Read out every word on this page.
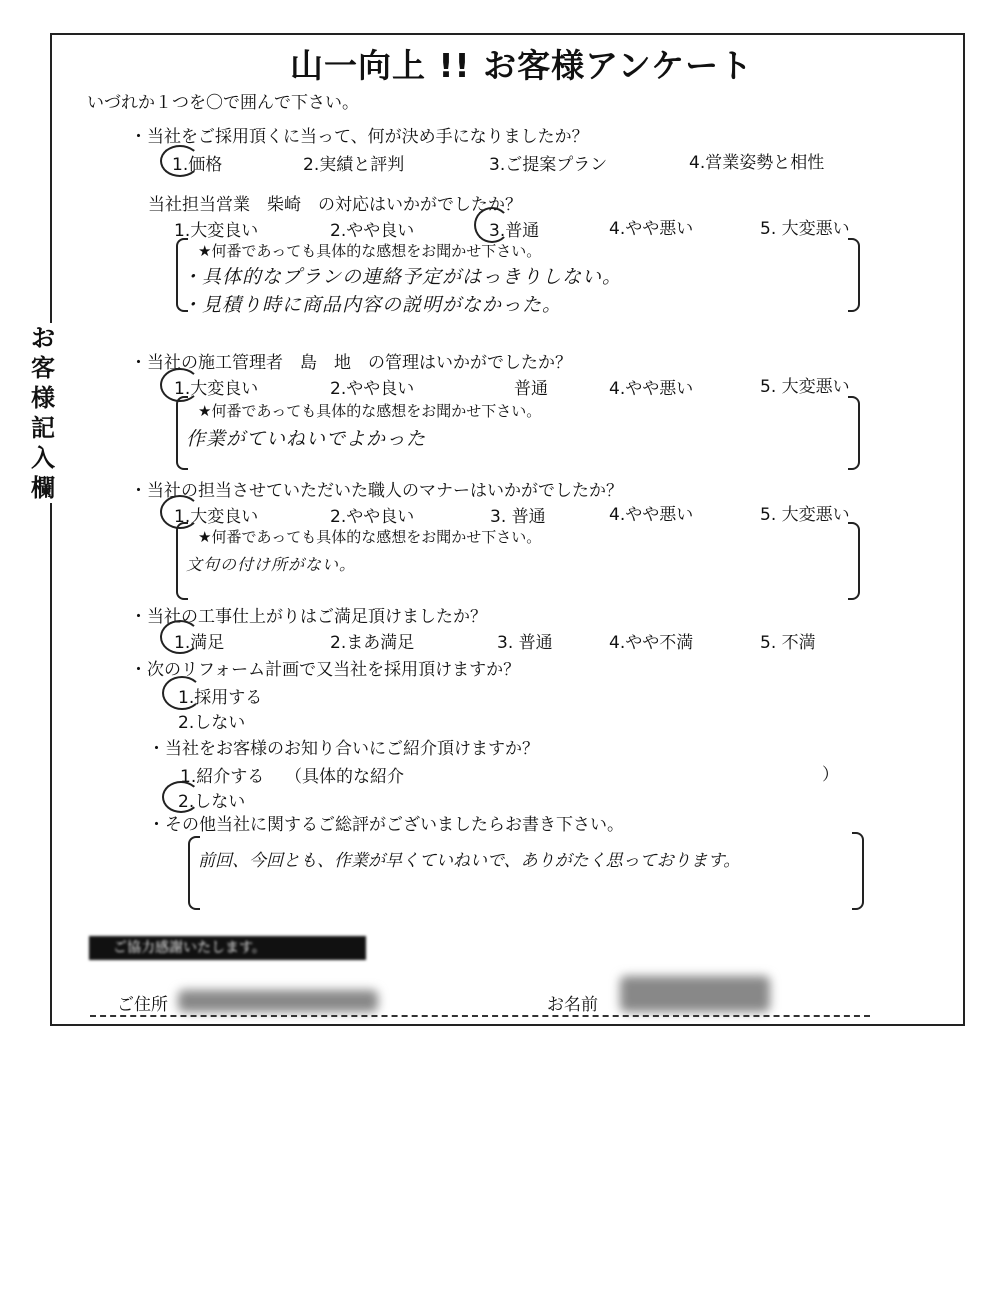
山一向上 !! お客様アンケート
いづれか１つを〇で囲んで下さい。
お
客
様
記
入
欄
・当社をご採用頂くに当って、何が決め手になりましたか？
1.価格	2.実績と評判	3.ご提案プラン	4.営業姿勢と相性
当社担当営業　柴崎　の対応はいかがでしたか？
1.大変良い	2.やや良い	3.普通	4.やや悪い	5. 大変悪い
★何番であっても具体的な感想をお聞かせ下さい。
・具体的なプランの連絡予定がはっきりしない。
・見積り時に商品内容の説明がなかった。
・当社の施工管理者　島　地　の管理はいかがでしたか？
1.大変良い	2.やや良い	普通	4.やや悪い	5. 大変悪い
★何番であっても具体的な感想をお聞かせ下さい。
作業がていねいでよかった
・当社の担当させていただいた職人のマナーはいかがでしたか？
1.大変良い	2.やや良い	3. 普通	4.やや悪い	5. 大変悪い
★何番であっても具体的な感想をお聞かせ下さい。
文句の付け所がない。
・当社の工事仕上がりはご満足頂けましたか？
1.満足	2.まあ満足	3. 普通	4.やや不満	5. 不満
・次のリフォーム計画で又当社を採用頂けますか？
1.採用する
2.しない
・当社をお客様のお知り合いにご紹介頂けますか？
1.紹介する （具体的な紹介	）
2.しない
・その他当社に関するご総評がございましたらお書き下さい。
前回、今回とも、作業が早くていねいで、ありがたく思っております。
ご協力感謝いたします。
ご住所	お名前
